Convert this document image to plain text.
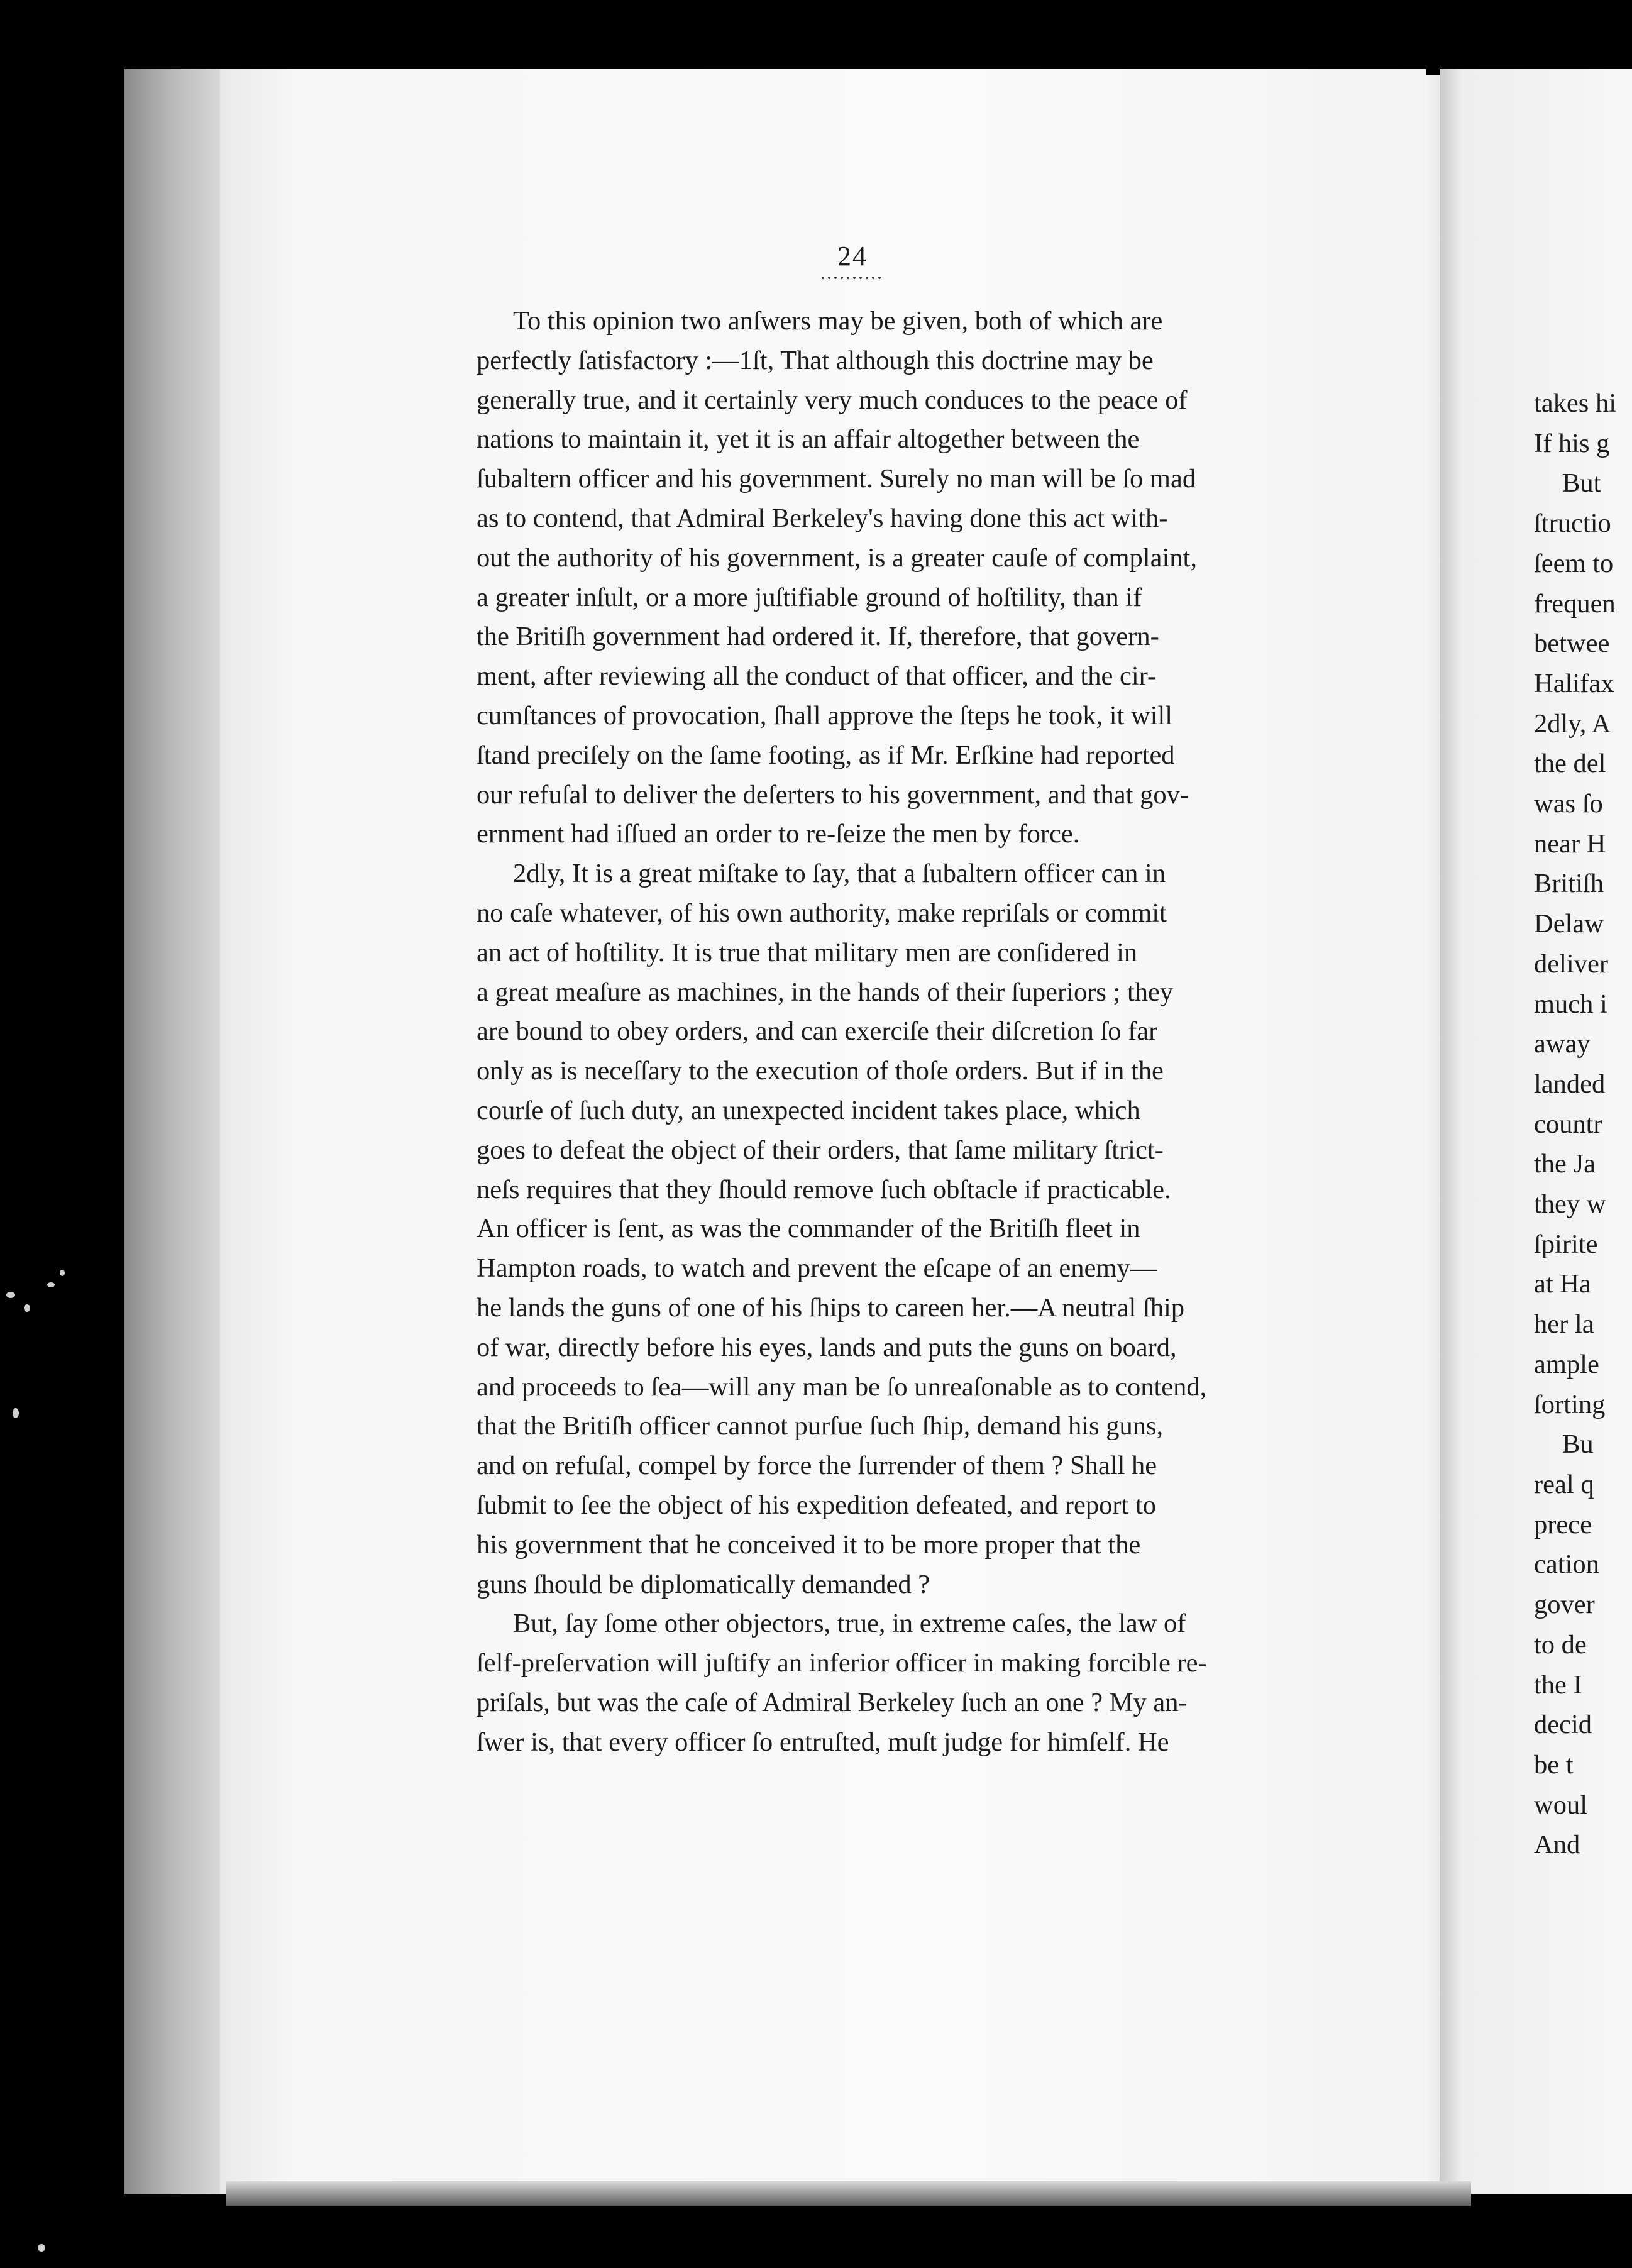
takes hi
If his g
But
ſtructio
ſeem to
frequen
betwee
Halifax
2dly, A
the del
was ſo
near H
Britiſh
Delaw
deliver
much i
away
landed
countr
the Ja
they w
ſpirite
at Ha
her la
ample
ſorting
Bu
real q
prece
cation
gover
to de
the I
decid
be t
woul
And
24
··········
To this opinion two anſwers may be given, both of which are
perfectly ſatisfactory :—1ſt, That although this doctrine may be
generally true, and it certainly very much conduces to the peace of
nations to maintain it, yet it is an affair altogether between the
ſubaltern officer and his government. Surely no man will be ſo mad
as to contend, that Admiral Berkeley's having done this act with-
out the authority of his government, is a greater cauſe of complaint,
a greater inſult, or a more juſtifiable ground of hoſtility, than if
the Britiſh government had ordered it. If, therefore, that govern-
ment, after reviewing all the conduct of that officer, and the cir-
cumſtances of provocation, ſhall approve the ſteps he took, it will
ſtand preciſely on the ſame footing, as if Mr. Erſkine had reported
our refuſal to deliver the deſerters to his government, and that gov-
ernment had iſſued an order to re-ſeize the men by force.
2dly, It is a great miſtake to ſay, that a ſubaltern officer can in
no caſe whatever, of his own authority, make repriſals or commit
an act of hoſtility. It is true that military men are conſidered in
a great meaſure as machines, in the hands of their ſuperiors ; they
are bound to obey orders, and can exerciſe their diſcretion ſo far
only as is neceſſary to the execution of thoſe orders. But if in the
courſe of ſuch duty, an unexpected incident takes place, which
goes to defeat the object of their orders, that ſame military ſtrict-
neſs requires that they ſhould remove ſuch obſtacle if practicable.
An officer is ſent, as was the commander of the Britiſh fleet in
Hampton roads, to watch and prevent the eſcape of an enemy—
he lands the guns of one of his ſhips to careen her.—A neutral ſhip
of war, directly before his eyes, lands and puts the guns on board,
and proceeds to ſea—will any man be ſo unreaſonable as to contend,
that the Britiſh officer cannot purſue ſuch ſhip, demand his guns,
and on refuſal, compel by force the ſurrender of them ? Shall he
ſubmit to ſee the object of his expedition defeated, and report to
his government that he conceived it to be more proper that the
guns ſhould be diplomatically demanded ?
But, ſay ſome other objectors, true, in extreme caſes, the law of
ſelf-preſervation will juſtify an inferior officer in making forcible re-
priſals, but was the caſe of Admiral Berkeley ſuch an one ? My an-
ſwer is, that every officer ſo entruſted, muſt judge for himſelf. He
